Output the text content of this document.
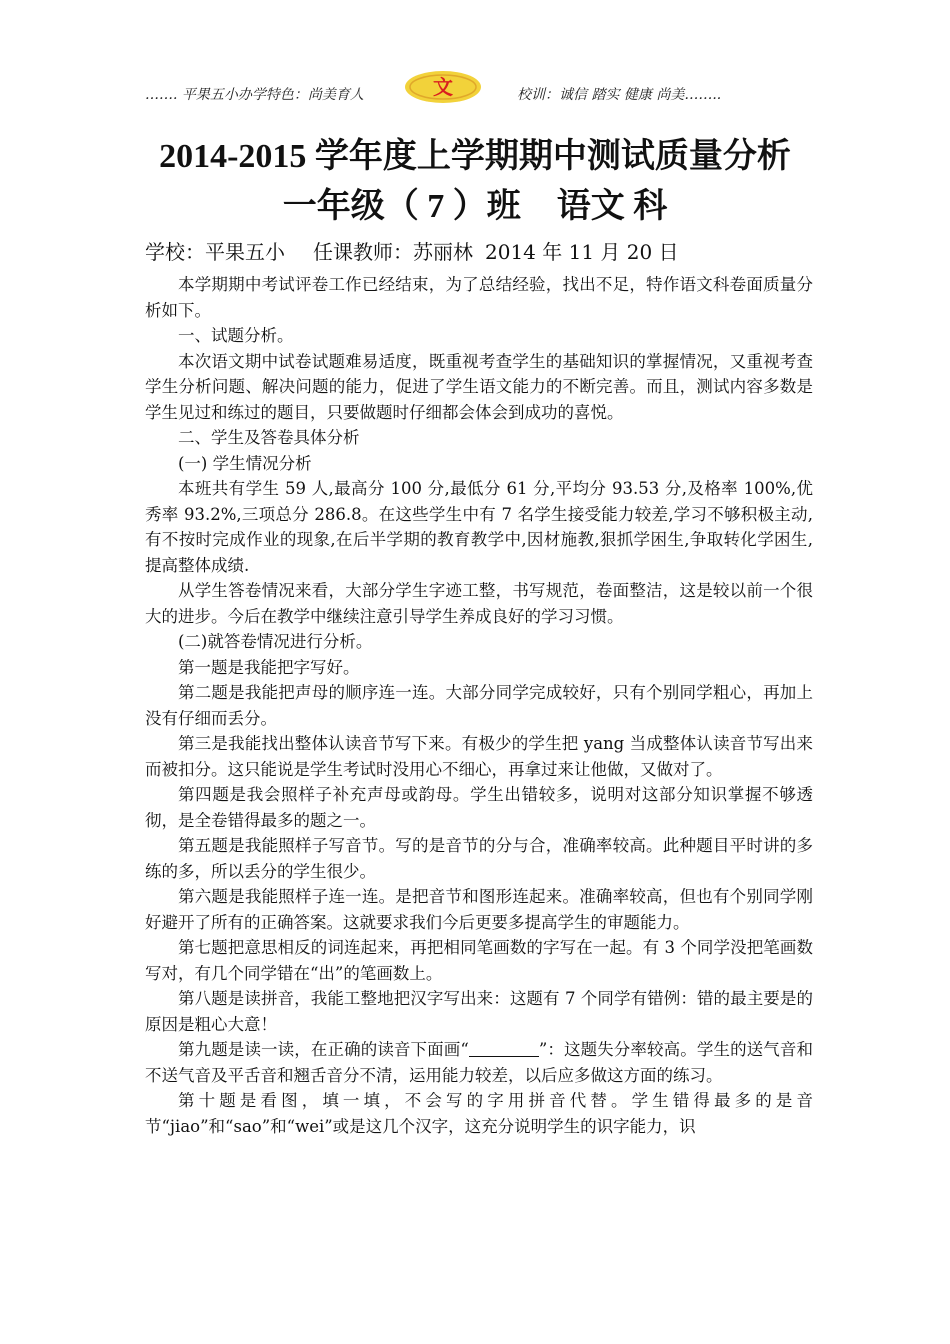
……. 平果五小办学特色：尚美育人	文	校训：诚信 踏实 健康 尚美……..
2014-2015 学年度上学期期中测试质量分析
一年级（ 7 ）班 语文 科
学校：平果五小 任课教师：苏丽林 2014 年 11 月 20 日

本学期期中考试评卷工作已经结束，为了总结经验，找出不足，特作语文科卷面质量分析如下。

一、试题分析。

本次语文期中试卷试题难易适度，既重视考查学生的基础知识的掌握情况，又重视考查学生分析问题、解决问题的能力，促进了学生语文能力的不断完善。而且，测试内容多数是学生见过和练过的题目，只要做题时仔细都会体会到成功的喜悦。

二、学生及答卷具体分析

(一) 学生情况分析

本班共有学生 59 人,最高分 100 分,最低分 61 分,平均分 93.53 分,及格率 100%,优秀率 93.2%,三项总分 286.8。在这些学生中有 7 名学生接受能力较差,学习不够积极主动,有不按时完成作业的现象,在后半学期的教育教学中,因材施教,狠抓学困生,争取转化学困生,提高整体成绩.

从学生答卷情况来看，大部分学生字迹工整，书写规范，卷面整洁，这是较以前一个很大的进步。今后在教学中继续注意引导学生养成良好的学习习惯。

(二)就答卷情况进行分析。

第一题是我能把字写好。

第二题是我能把声母的顺序连一连。大部分同学完成较好，只有个别同学粗心，再加上没有仔细而丢分。

第三是我能找出整体认读音节写下来。有极少的学生把 yang 当成整体认读音节写出来而被扣分。这只能说是学生考试时没用心不细心，再拿过来让他做，又做对了。

第四题是我会照样子补充声母或韵母。学生出错较多，说明对这部分知识掌握不够透彻，是全卷错得最多的题之一。

第五题是我能照样子写音节。写的是音节的分与合，准确率较高。此种题目平时讲的多练的多，所以丢分的学生很少。

第六题是我能照样子连一连。是把音节和图形连起来。准确率较高，但也有个别同学刚好避开了所有的正确答案。这就要求我们今后更要多提高学生的审题能力。

第七题把意思相反的词连起来，再把相同笔画数的字写在一起。有 3 个同学没把笔画数写对，有几个同学错在“出”的笔画数上。

第八题是读拼音，我能工整地把汉字写出来：这题有 7 个同学有错例：错的最主要是的原因是粗心大意！

第九题是读一读，在正确的读音下面画“	”：这题失分率较高。学生的送气音和不送气音及平舌音和翘舌音分不清，运用能力较差，以后应多做这方面的练习。

第十题是看图，填一填，不会写的字用拼音代替。学生错得最多的是音节“jiao”和“sao”和“wei”或是这几个汉字，这充分说明学生的识字能力，识
